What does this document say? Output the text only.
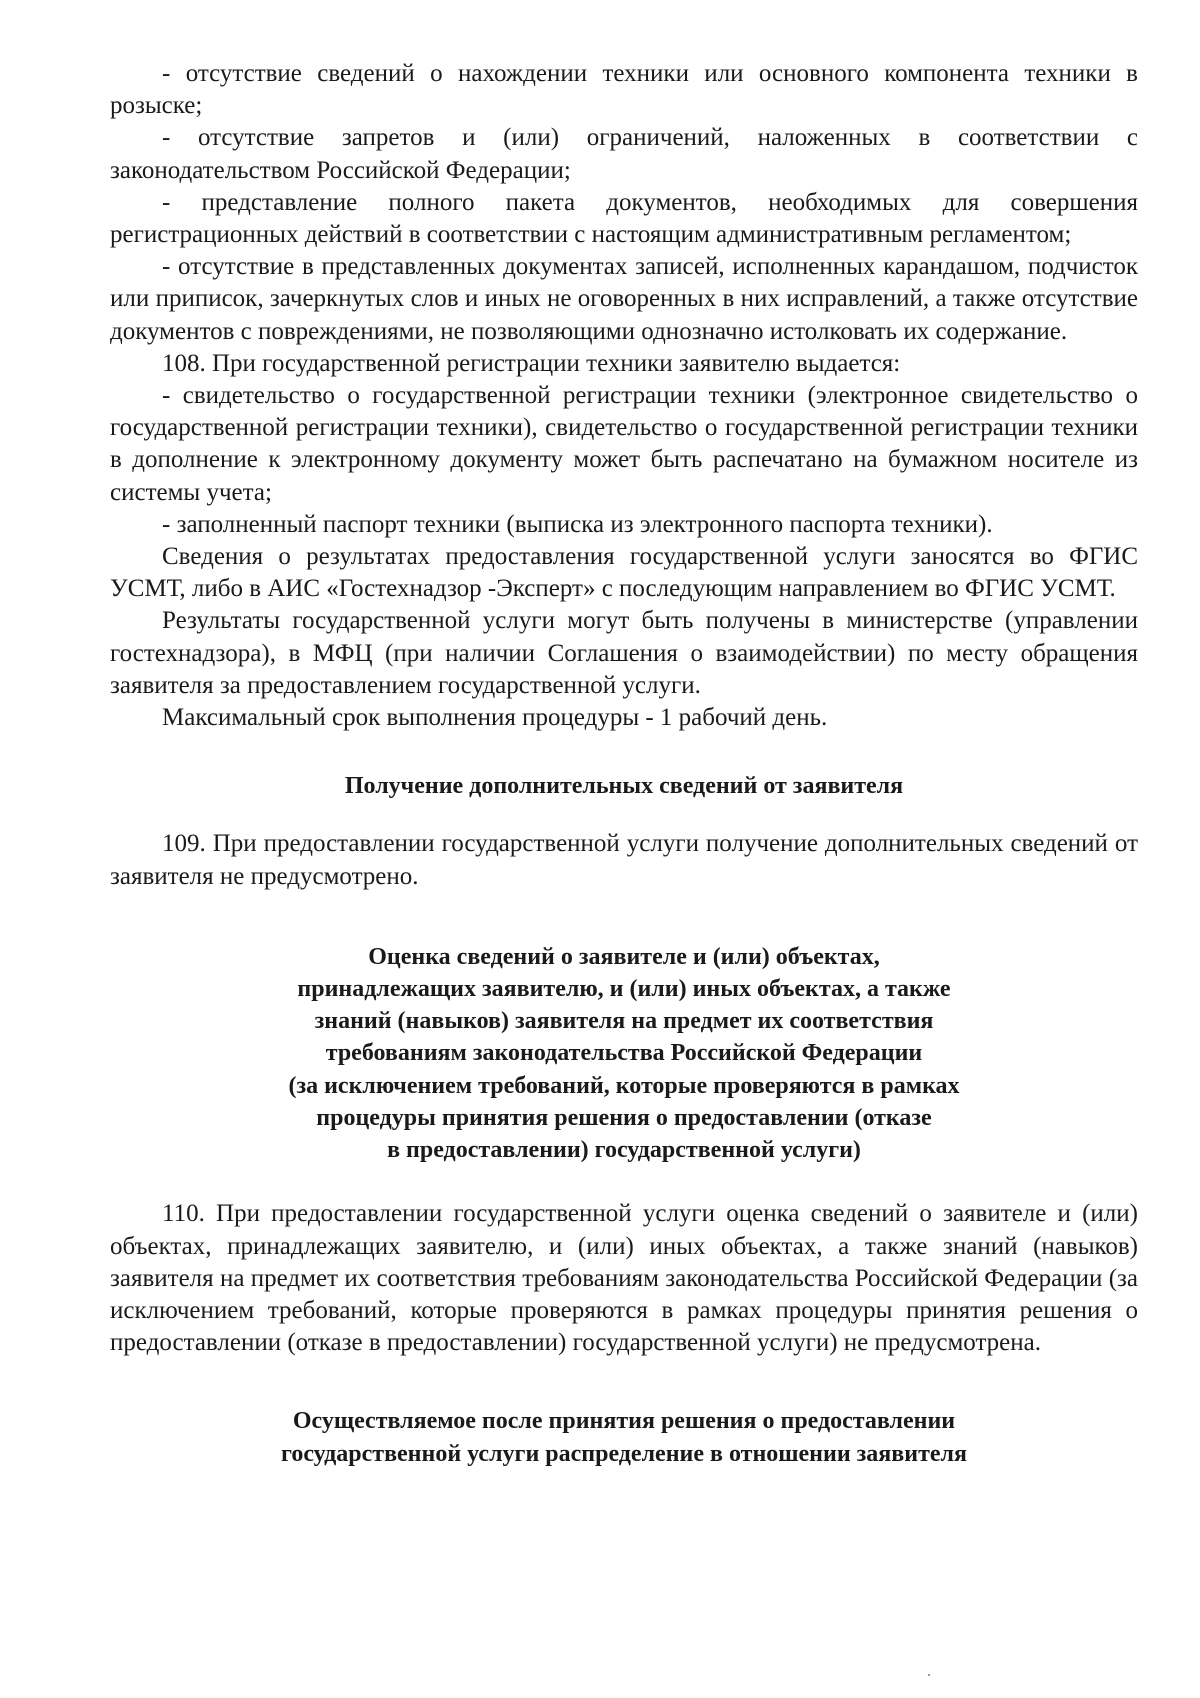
- отсутствие сведений о нахождении техники или основного компонента техники в розыске;

- отсутствие запретов и (или) ограничений, наложенных в соответствии с законодательством Российской Федерации;

- представление полного пакета документов, необходимых для совершения регистрационных действий в соответствии с настоящим административным регламентом;

- отсутствие в представленных документах записей, исполненных карандашом, подчисток или приписок, зачеркнутых слов и иных не оговоренных в них исправлений, а также отсутствие документов с повреждениями, не позволяющими однозначно истолковать их содержание.

108. При государственной регистрации техники заявителю выдается:

- свидетельство о государственной регистрации техники (электронное свидетельство о государственной регистрации техники), свидетельство о государственной регистрации техники в дополнение к электронному документу может быть распечатано на бумажном носителе из системы учета;

- заполненный паспорт техники (выписка из электронного паспорта техники).

Сведения о результатах предоставления государственной услуги заносятся во ФГИС УСМТ, либо в АИС «Гостехнадзор -Эксперт» с последующим направлением во ФГИС УСМТ.

Результаты государственной услуги могут быть получены в министерстве (управлении гостехнадзора), в МФЦ (при наличии Соглашения о взаимодействии) по месту обращения заявителя за предоставлением государственной услуги.

Максимальный срок выполнения процедуры - 1 рабочий день.

Получение дополнительных сведений от заявителя

109. При предоставлении государственной услуги получение дополнительных сведений от заявителя не предусмотрено.

Оценка сведений о заявителе и (или) объектах,
принадлежащих заявителю, и (или) иных объектах, а также
знаний (навыков) заявителя на предмет их соответствия
требованиям законодательства Российской Федерации
(за исключением требований, которые проверяются в рамках
процедуры принятия решения о предоставлении (отказе
в предоставлении) государственной услуги)

110. При предоставлении государственной услуги оценка сведений о заявителе и (или) объектах, принадлежащих заявителю, и (или) иных объектах, а также знаний (навыков) заявителя на предмет их соответствия требованиям законодательства Российской Федерации (за исключением требований, которые проверяются в рамках процедуры принятия решения о предоставлении (отказе в предоставлении) государственной услуги) не предусмотрена.

Осуществляемое после принятия решения о предоставлении
государственной услуги распределение в отношении заявителя
